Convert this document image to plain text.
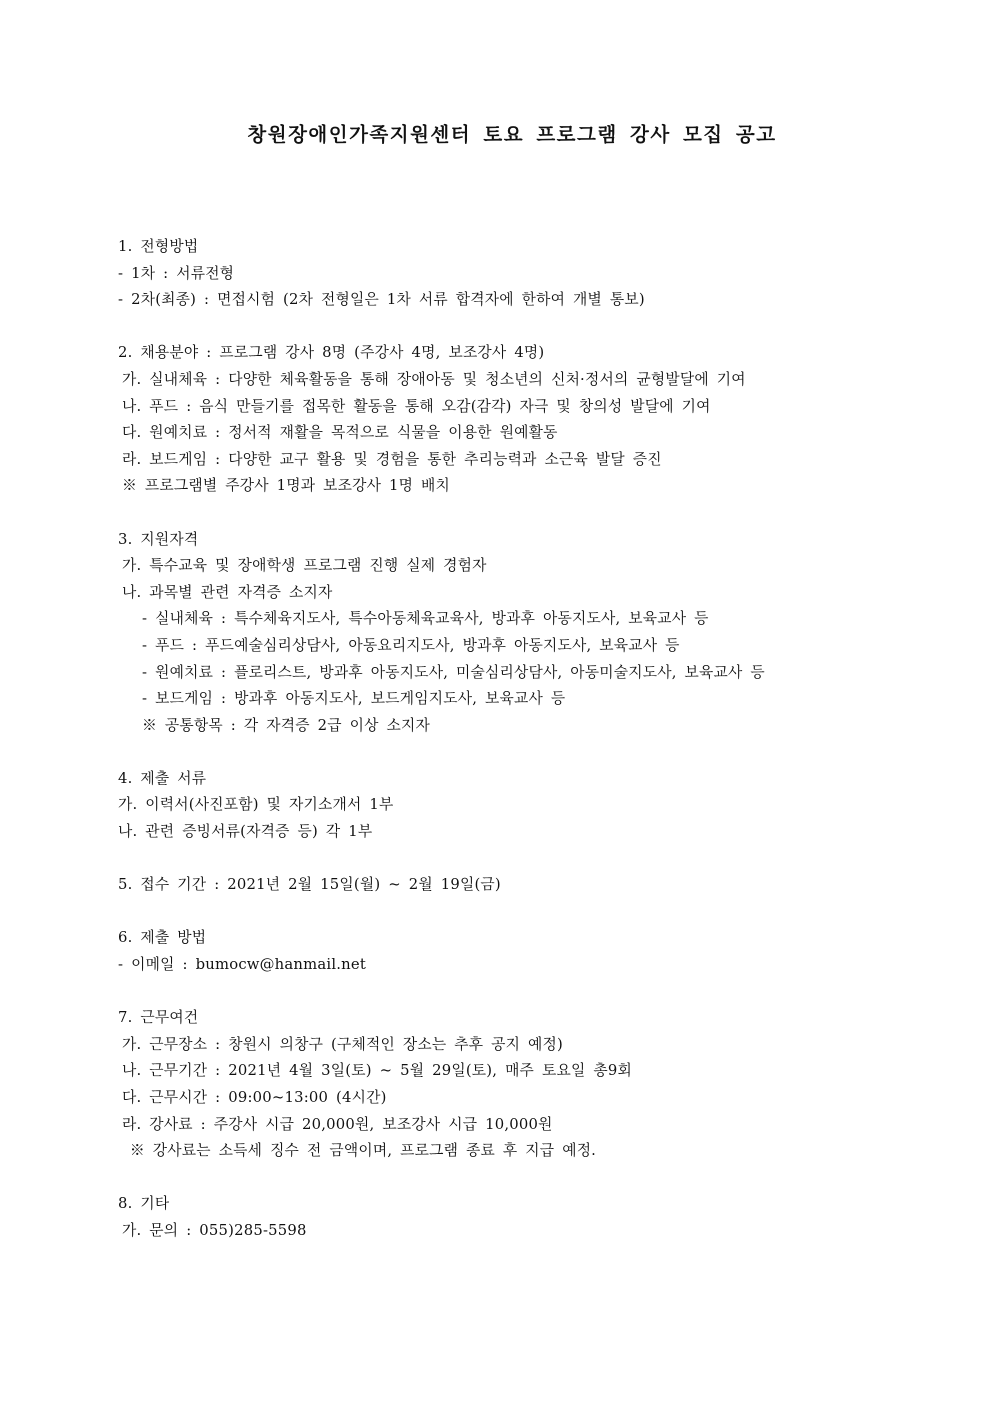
창원장애인가족지원센터 토요 프로그램 강사 모집 공고
1. 전형방법
- 1차 : 서류전형
- 2차(최종) : 면접시험 (2차 전형일은 1차 서류 합격자에 한하여 개별 통보)
2. 채용분야 : 프로그램 강사 8명 (주강사 4명, 보조강사 4명)
가. 실내체육 : 다양한 체육활동을 통해 장애아동 및 청소년의 신처·정서의 균형발달에 기여
나. 푸드 : 음식 만들기를 접목한 활동을 통해 오감(감각) 자극 및 창의성 발달에 기여
다. 원예치료 : 정서적 재활을 목적으로 식물을 이용한 원예활동
라. 보드게임 : 다양한 교구 활용 및 경험을 통한 추리능력과 소근육 발달 증진
※ 프로그램별 주강사 1명과 보조강사 1명 배치
3. 지원자격
가. 특수교육 및 장애학생 프로그램 진행 실제 경험자
나. 과목별 관련 자격증 소지자
- 실내체육 : 특수체육지도사, 특수아동체육교육사, 방과후 아동지도사, 보육교사 등
- 푸드 : 푸드예술심리상담사, 아동요리지도사, 방과후 아동지도사, 보육교사 등
- 원예치료 : 플로리스트, 방과후 아동지도사, 미술심리상담사, 아동미술지도사, 보육교사 등
- 보드게임 : 방과후 아동지도사, 보드게임지도사, 보육교사 등
※ 공통항목 : 각 자격증 2급 이상 소지자
4. 제출 서류
가. 이력서(사진포함) 및 자기소개서 1부
나. 관련 증빙서류(자격증 등) 각 1부
5. 접수 기간 : 2021년 2월 15일(월) ~ 2월 19일(금)
6. 제출 방법
- 이메일 : bumocw@hanmail.net
7. 근무여건
가. 근무장소 : 창원시 의창구 (구체적인 장소는 추후 공지 예정)
나. 근무기간 : 2021년 4월 3일(토) ~ 5월 29일(토), 매주 토요일 총9회
다. 근무시간 : 09:00~13:00 (4시간)
라. 강사료 : 주강사 시급 20,000원, 보조강사 시급 10,000원
※ 강사료는 소득세 징수 전 금액이며, 프로그램 종료 후 지급 예정.
8. 기타
가. 문의 : 055)285-5598
